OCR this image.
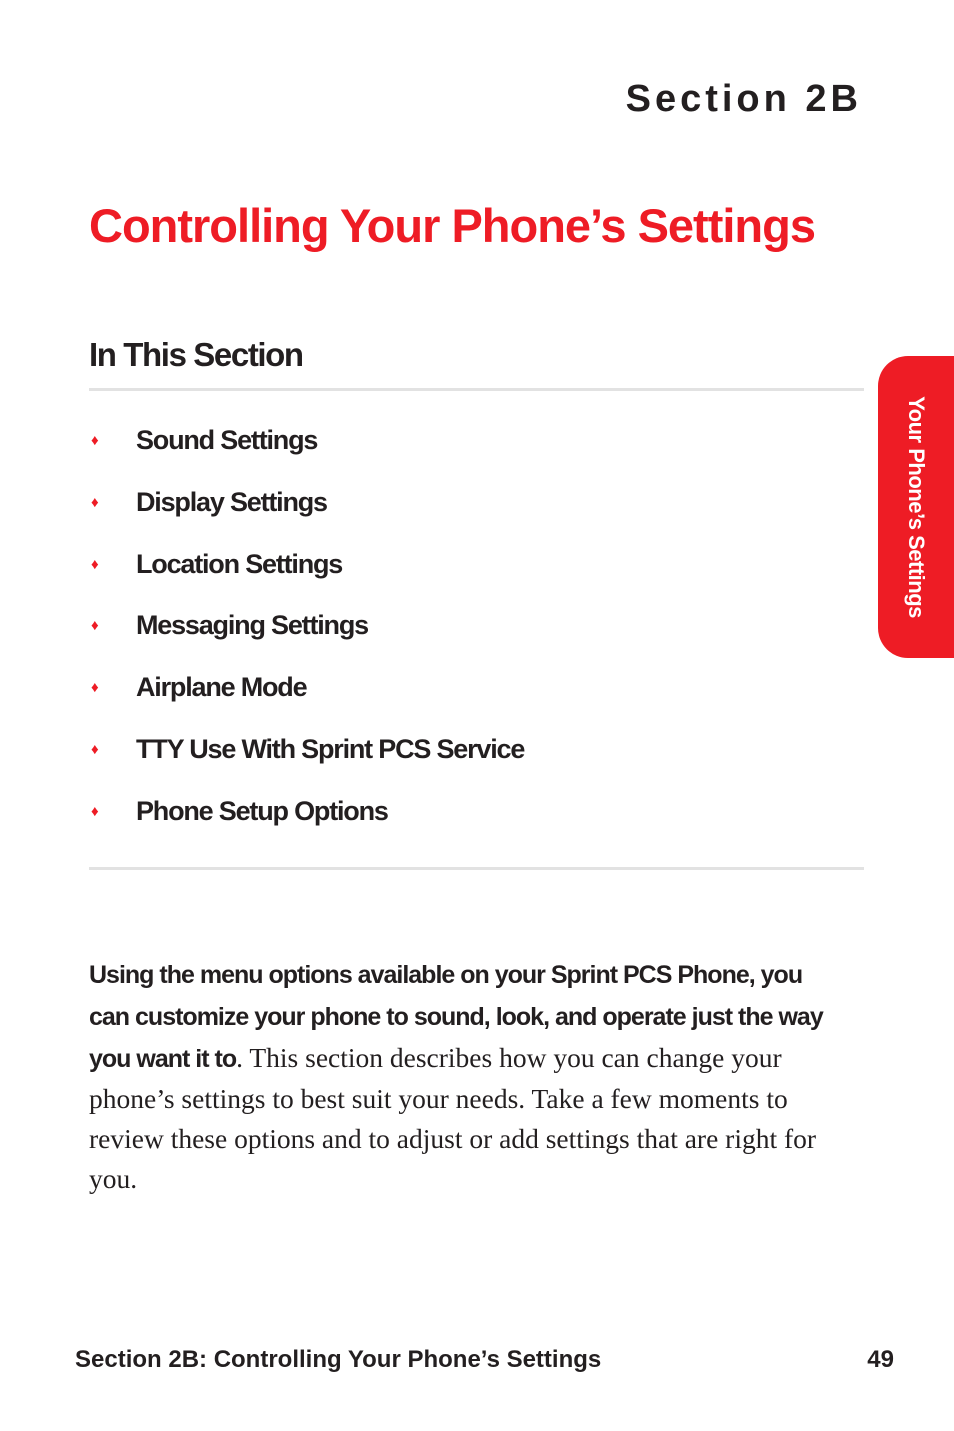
Section 2B
Controlling Your Phone’s Settings
In This Section
♦	Sound Settings
♦	Display Settings
♦	Location Settings
♦	Messaging Settings
♦	Airplane Mode
♦	TTY Use With Sprint PCS Service
♦	Phone Setup Options

Using the menu options available on your Sprint PCS Phone, you can customize your phone to sound, look, and operate just the way you want it to. This section describes how you can change your phone’s settings to best suit your needs. Take a few moments to review these options and to adjust or add settings that are right for you.

Your Phone’s Settings
Section 2B: Controlling Your Phone’s Settings	49
